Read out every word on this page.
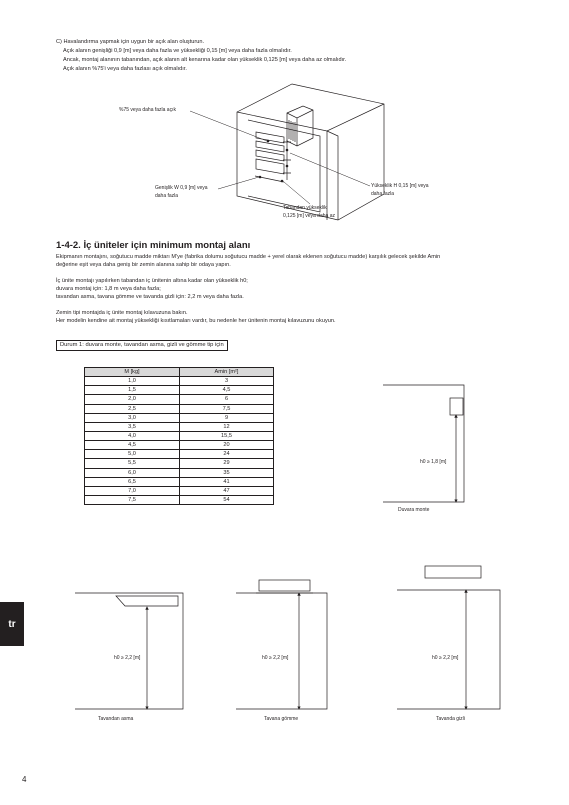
C) Havalandırma yapmak için uygun bir açık alan oluşturun.
Açık alanın genişliği 0,9 [m] veya daha fazla ve yüksekliği 0,15 [m] veya daha fazla olmalıdır.
Ancak, montaj alanının tabanından, açık alanın alt kenarına kadar olan yükseklik 0,125 [m] veya daha az olmalıdır.
Açık alanın %75'i veya daha fazlası açık olmalıdır.
%75 veya daha fazla açık
Genişlik W 0,9 [m] veya
daha fazla
Yükseklik H 0,15 [m] veya
daha fazla
Tabandan yükseklik
0,125 [m] veya daha az
1-4-2. İç üniteler için minimum montaj alanı
Ekipmanın montajını, soğutucu madde miktarı M'ye (fabrika dolumu soğutucu madde + yerel olarak eklenen soğutucu madde) karşılık gelecek şekilde Amin
değerine eşit veya daha geniş bir zemin alanına sahip bir odaya yapın.
İç ünite montajı yapılırken tabandan iç ünitenin altına kadar olan yükseklik h0;
duvara montaj için: 1,8 m veya daha fazla;
tavandan asma, tavana gömme ve tavanda gizli için: 2,2 m veya daha fazla.
Zemin tipi montajda iç ünite montaj kılavuzuna bakın.
Her modelin kendine ait montaj yüksekliği kısıtlamaları vardır, bu nedenle her ünitenin montaj kılavuzunu okuyun.
Durum 1: duvara monte, tavandan asma, gizli ve gömme tip için
M [kg]	Amin [m²]
1,0	3
1,5	4,5
2,0	6
2,5	7,5
3,0	9
3,5	12
4,0	15,5
4,5	20
5,0	24
5,5	29
6,0	35
6,5	41
7,0	47
7,5	54
h0 ≥ 1,8 [m]
Duvara monte
h0 ≥ 2,2 [m]
Tavandan asma
h0 ≥ 2,2 [m]
Tavana gömme
h0 ≥ 2,2 [m]
Tavanda gizli
tr
4
